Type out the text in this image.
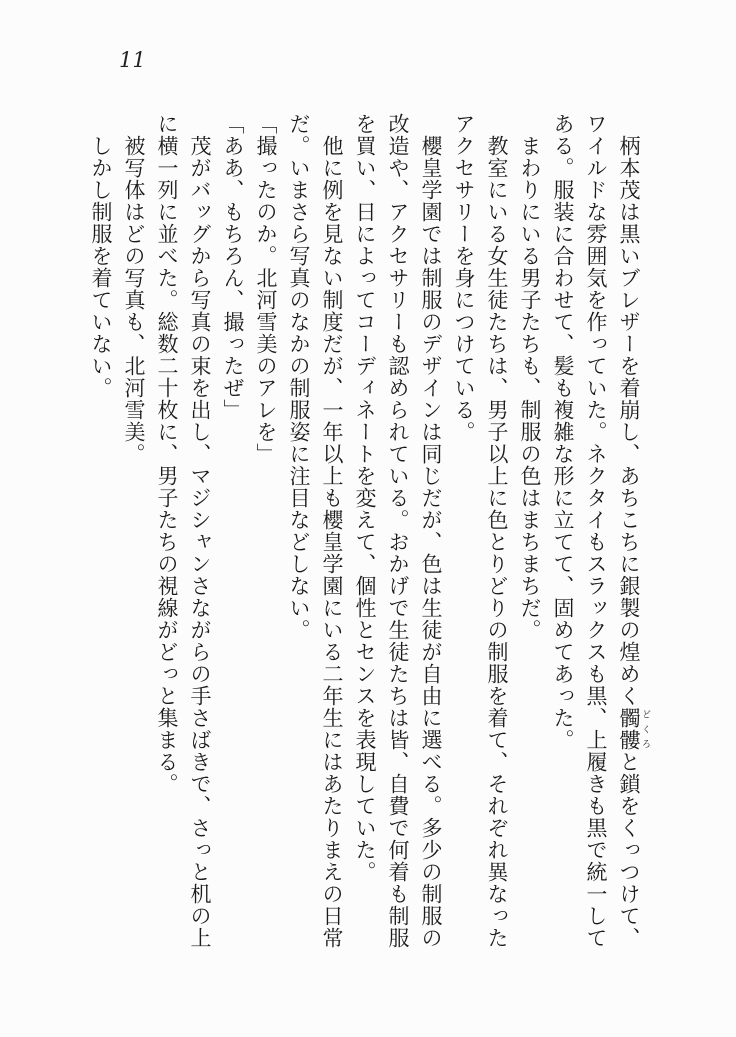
11

柄本茂は黒いブレザーを着崩し、あちこちに銀製の煌めく髑髏 どくろと鎖をくっつけて、ワイルドな雰囲気を作っていた。ネクタイもスラックスも黒、上履きも黒で統一してある。服装に合わせて、髪も複雑な形に立てて、固めてあった。

まわりにいる男子たちも、制服の色はまちまちだ。

教室にいる女生徒たちは、男子以上に色とりどりの制服を着て、それぞれ異なったアクセサリーを身につけている。

櫻皇学園では制服のデザインは同じだが、色は生徒が自由に選べる。多少の制服の改造や、アクセサリーも認められている。おかげで生徒たちは皆、自費で何着も制服を買い、日によってコーディネートを変えて、個性とセンスを表現していた。

他に例を見ない制度だが、一年以上も櫻皇学園にいる二年生にはあたりまえの日常だ。いまさら写真のなかの制服姿に注目などしない。

「撮ったのか。北河雪美のアレを」

「ああ、もちろん、撮ったぜ」

茂がバッグから写真の束を出し、マジシャンさながらの手さばきで、さっと机の上に横一列に並べた。総数二十枚に、男子たちの視線がどっと集まる。

被写体はどの写真も、北河雪美。

しかし制服を着ていない。
